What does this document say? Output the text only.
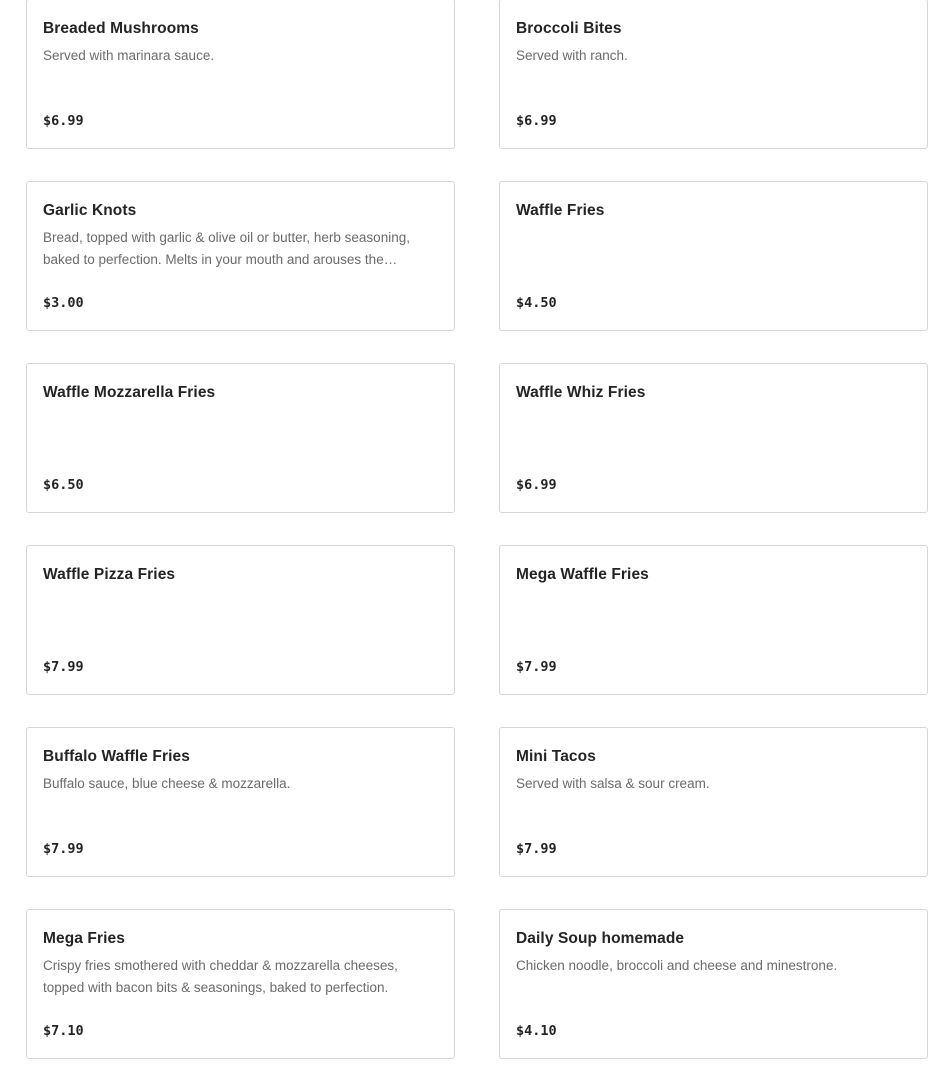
Breaded Mushrooms
Served with marinara sauce.
$6.99
Broccoli Bites
Served with ranch.
$6.99
Garlic Knots
Bread, topped with garlic & olive oil or butter, herb seasoning, baked to perfection. Melts in your mouth and arouses the…
$3.00
Waffle Fries
$4.50
Waffle Mozzarella Fries
$6.50
Waffle Whiz Fries
$6.99
Waffle Pizza Fries
$7.99
Mega Waffle Fries
$7.99
Buffalo Waffle Fries
Buffalo sauce, blue cheese & mozzarella.
$7.99
Mini Tacos
Served with salsa & sour cream.
$7.99
Mega Fries
Crispy fries smothered with cheddar & mozzarella cheeses, topped with bacon bits & seasonings, baked to perfection.
$7.10
Daily Soup homemade
Chicken noodle, broccoli and cheese and minestrone.
$4.10
